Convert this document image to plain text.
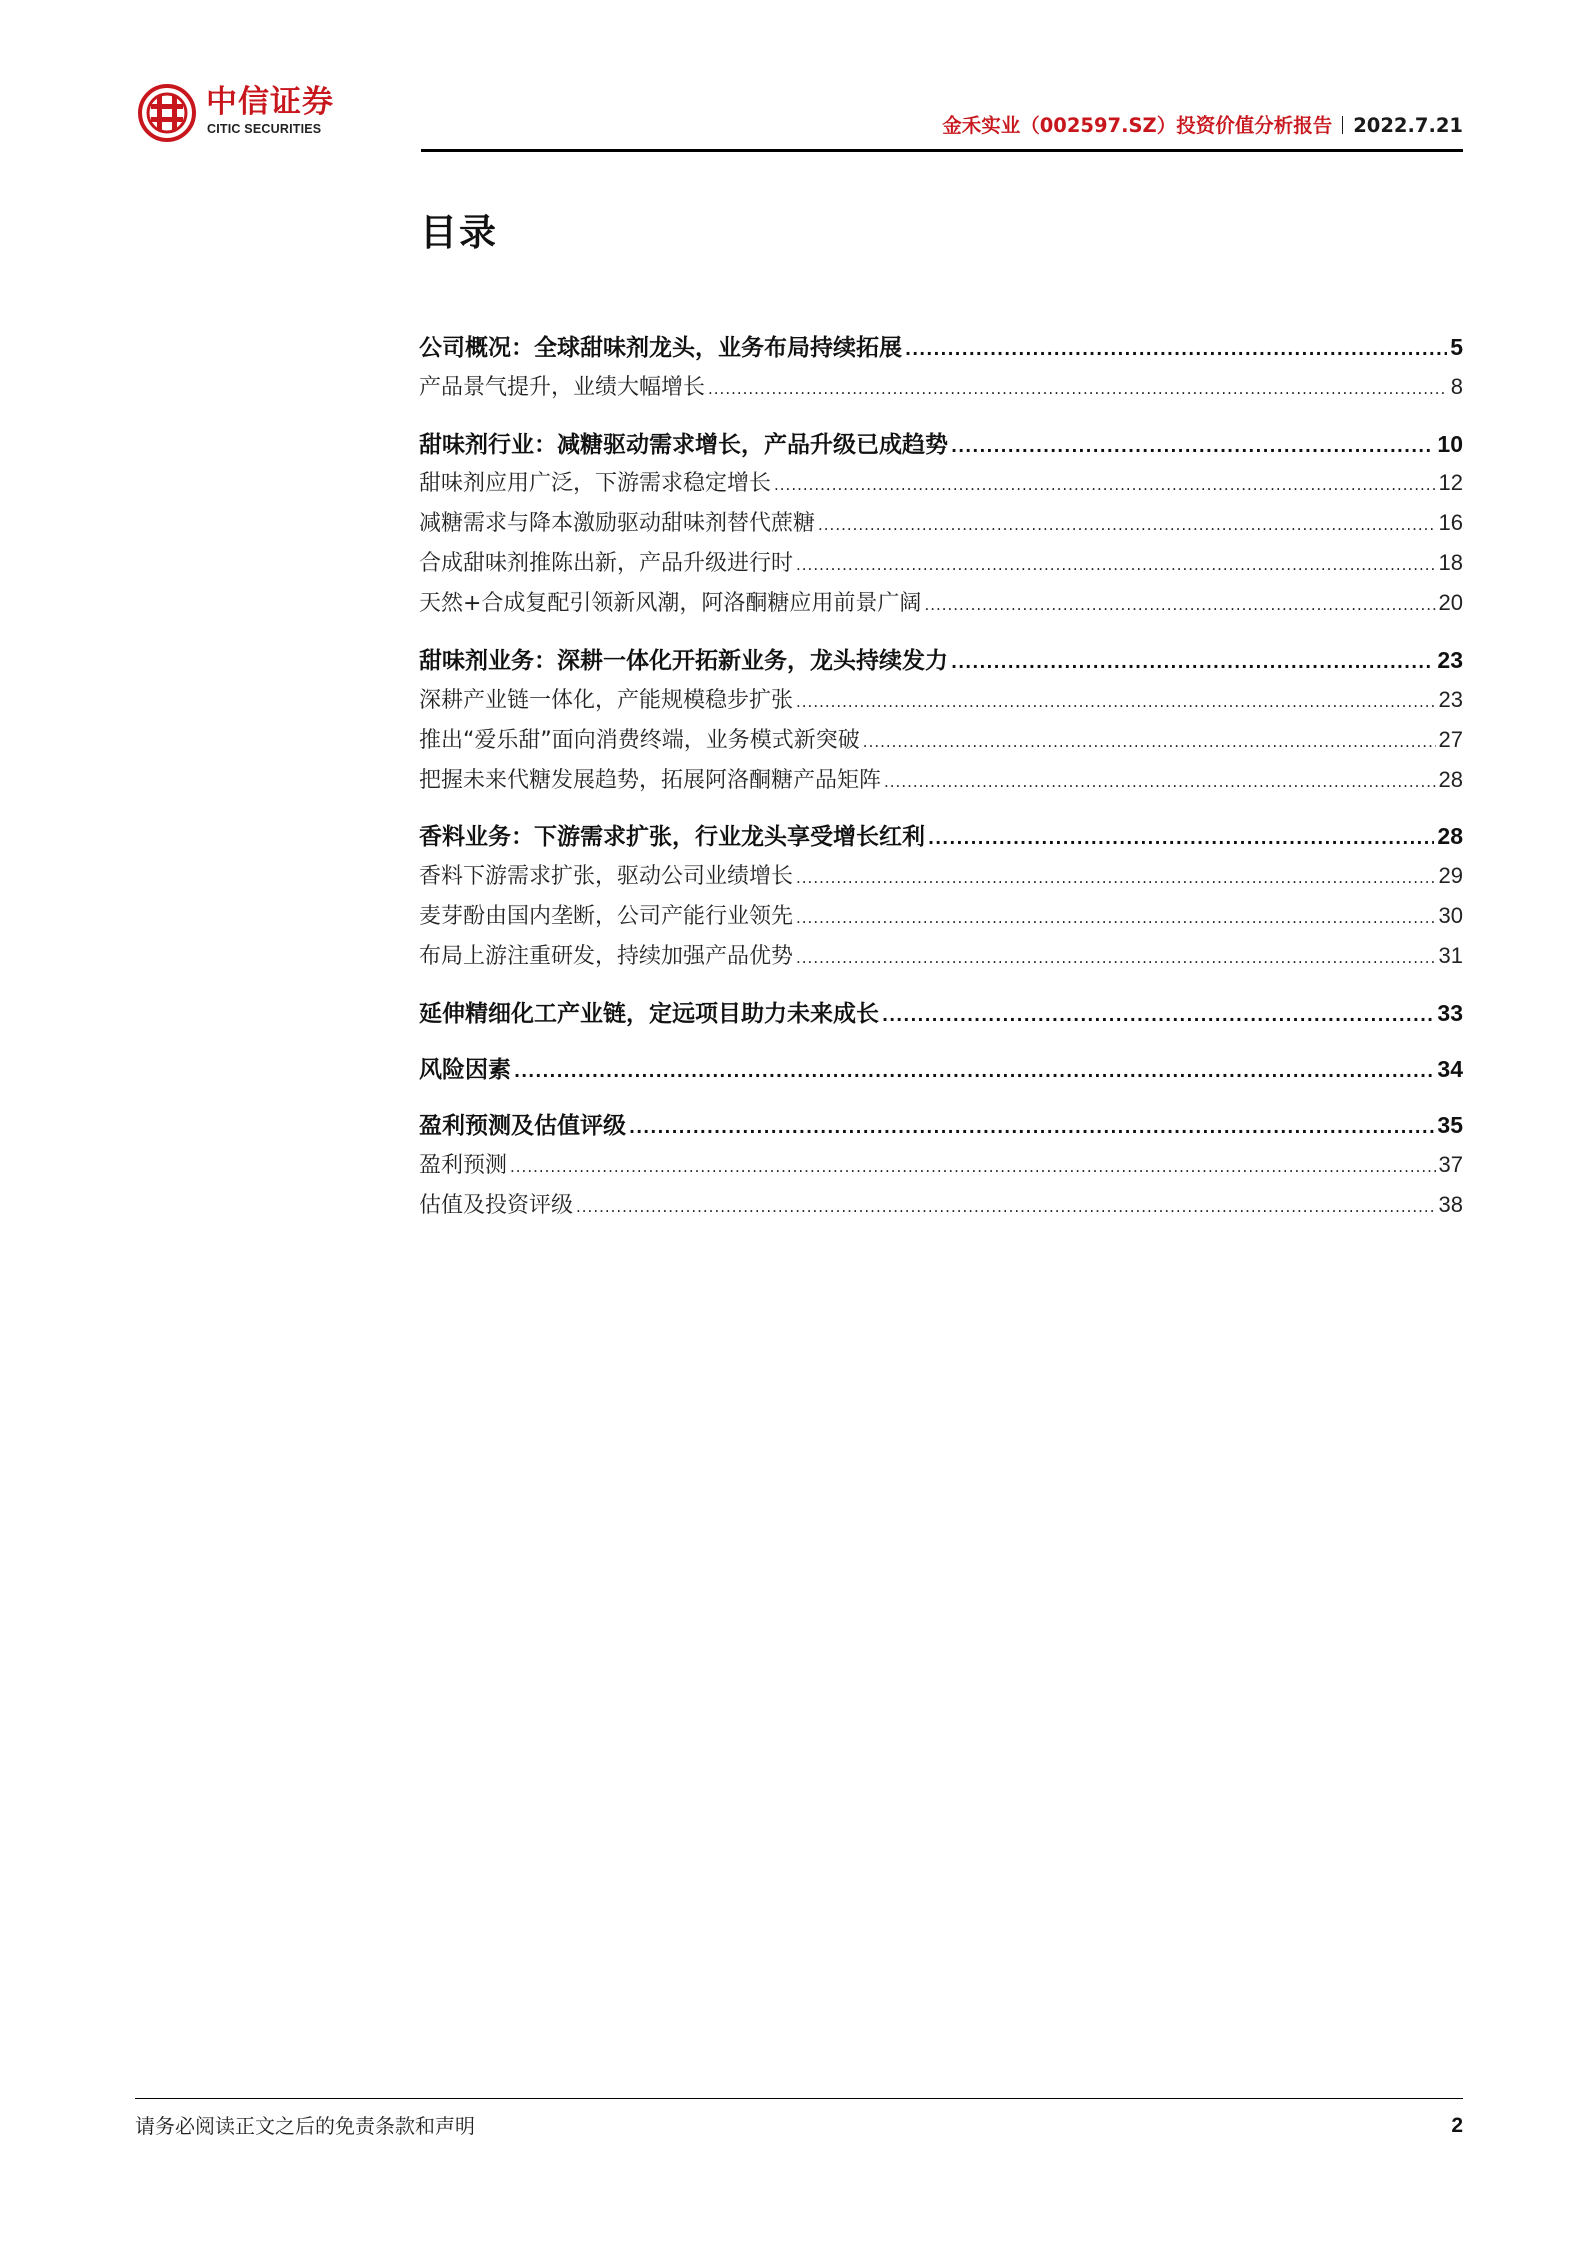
中信证券
CITIC SECURITIES	金禾实业（002597.SZ）投资价值分析报告 2022.7.21
目录
公司概况：全球甜味剂龙头，业务布局持续拓展 .....	5
产品景气提升，业绩大幅增长 .....	8
甜味剂行业：减糖驱动需求增长，产品升级已成趋势 .....	10
甜味剂应用广泛，下游需求稳定增长 .....	12
减糖需求与降本激励驱动甜味剂替代蔗糖 .....	16
合成甜味剂推陈出新，产品升级进行时 .....	18
天然+合成复配引领新风潮，阿洛酮糖应用前景广阔 .....	20
甜味剂业务：深耕一体化开拓新业务，龙头持续发力 .....	23
深耕产业链一体化，产能规模稳步扩张 .....	23
推出“爱乐甜”面向消费终端，业务模式新突破 .....	27
把握未来代糖发展趋势，拓展阿洛酮糖产品矩阵 .....	28
香料业务：下游需求扩张，行业龙头享受增长红利 .....	28
香料下游需求扩张，驱动公司业绩增长 .....	29
麦芽酚由国内垄断，公司产能行业领先 .....	30
布局上游注重研发，持续加强产品优势 .....	31
延伸精细化工产业链，定远项目助力未来成长 .....	33
风险因素 .....	34
盈利预测及估值评级 .....	35
盈利预测 .....	37
估值及投资评级 .....	38
请务必阅读正文之后的免责条款和声明	2
